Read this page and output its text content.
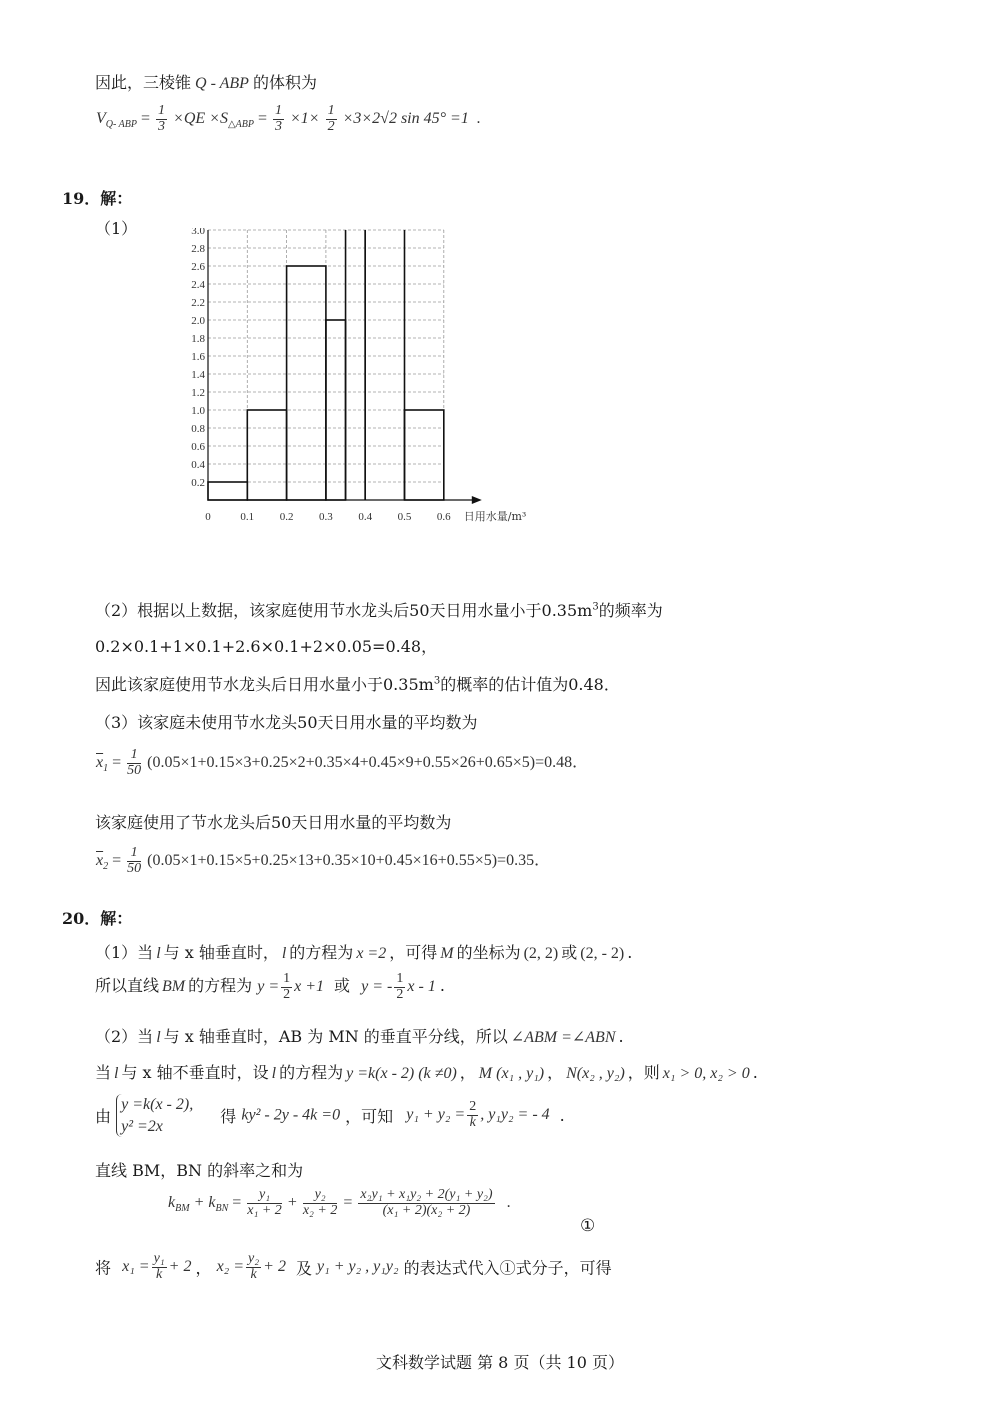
因此，三棱锥 Q - ABP 的体积为
$V_{Q- ABP} = \frac{1}{3} \times QE \times S_{\triangle ABP} = \frac{1}{3} \times 1\times \frac{1}{2} \times 3\times 2√2$ sin 45° =1 .
19．解：
（1）
0.2
0.4
0.6
0.8
1.0
1.2
1.4
1.6
1.8
2.0
2.2
2.4
2.6
2.8
3.0
0	0.1 0.2 0.3 0.4 0.5 0.6 日用水量/m³
（2）根据以上数据，该家庭使用节水龙头后50天日用水量小于$0.35m^3$的频率为
0.2×0.1+1×0.1+2.6×0.1+2×0.05=0.48，
因此该家庭使用节水龙头后日用水量小于$0.35m^3$的概率的估计值为0.48．
（3）该家庭未使用节水龙头50天日用水量的平均数为
$\overline{x}_1 = \frac{1}{50} (0.05\times 1+0.15\times 3+0.25\times 2+0.35\times 4+0.45\times 9+0.55\times 26+0.65\times 5)=0.48$．
该家庭使用了节水龙头后50天日用水量的平均数为
$\overline{x}_2 = \frac{1}{50} (0.05\times 1+0.15\times 5+0.25\times 13+0.35\times 10+0.45\times 16+0.55\times 5)=0.35$．
20．解：
（1）当 l 与 x 轴垂直时， l 的方程为 x =2 ，可得 M 的坐标为 (2, 2) 或 (2, - 2) .
所以直线 BM 的方程为 $y = \frac{1}{2}$ x +1 或 y = - $\frac{1}{2}$ x - 1 .
（2）当 l 与 x 轴垂直时，AB 为 MN 的垂直平分线，所以 ∠ABM =∠ABN .
当 l 与 x 轴不垂直时，设 l 的方程为 y =k(x - 2) (k ≠0) ， M (x₁ , y₁) ， N(x₂ , y₂) ，则 x₁ > 0, x₂ > 0 .
由 y =k(x - 2),
y² =2x	得 ky² - 2y - 4k =0 ，可知 $y_1 + y_2 = \frac{2}{k}$ , y₁y₂ = - 4 .
直线 BM，BN 的斜率之和为
$k_{BM} + k_{BN} = \frac{\text{y₁}}{\text{x₁ + 2}} + \frac{\text{y₂}}{\text{x₂ + 2}} = \frac{\text{x₂y₁ + x₁y₂ + 2(y₁ + y₂)}}{\text{(x₁ + 2)(x₂ + 2)}}$ .
①
将 $x_1 = \frac{\text{y₁}}{k} + 2$ ， $x_2 = \frac{\text{y₂}}{k} + 2$ 及 y₁ + y₂ , y₁y₂ 的表达式代入①式分子，可得
文科数学试题 第 8 页（共 10 页）
